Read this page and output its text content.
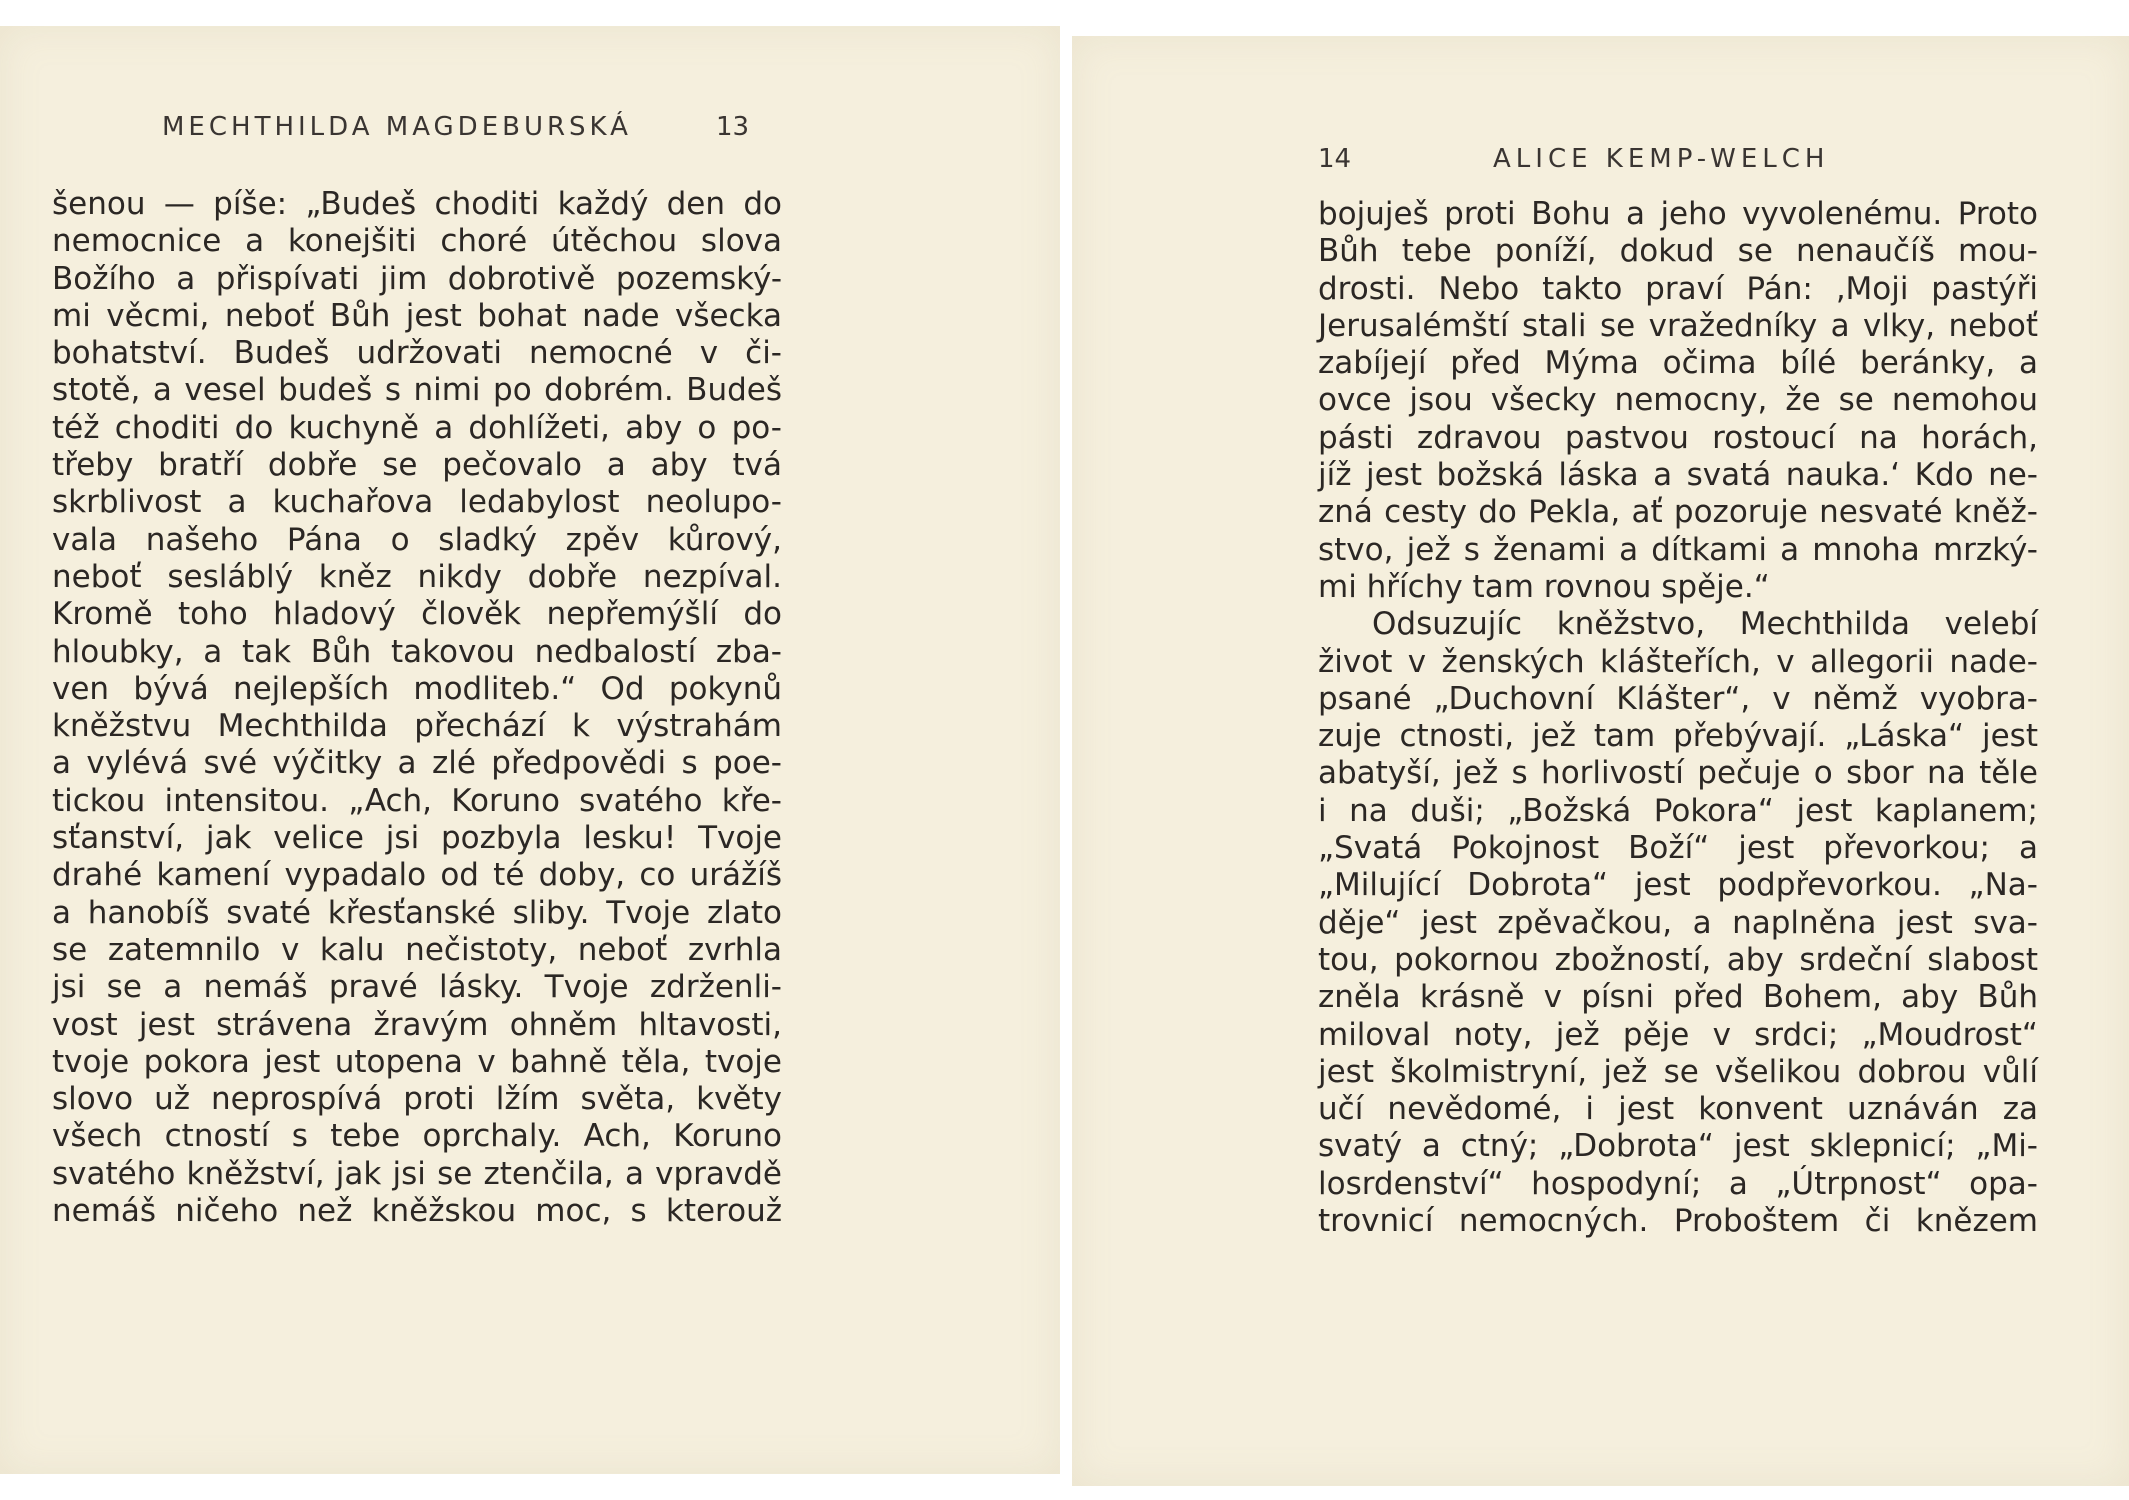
MECHTHILDA MAGDEBURSKÁ	13
14	ALICE KEMP-WELCH
šenou — píše: „Budeš choditi každý den do
nemocnice a konejšiti choré útěchou slova
Božího a přispívati jim dobrotivě pozemský-
mi věcmi, neboť Bůh jest bohat nade všecka
bohatství. Budeš udržovati nemocné v či-
stotě, a vesel budeš s nimi po dobrém. Budeš
též choditi do kuchyně a dohlížeti, aby o po-
třeby bratří dobře se pečovalo a aby tvá
skrblivost a kuchařova ledabylost neolupo-
vala našeho Pána o sladký zpěv kůrový,
neboť sesláblý kněz nikdy dobře nezpíval.
Kromě toho hladový člověk nepřemýšlí do
hloubky, a tak Bůh takovou nedbalostí zba-
ven bývá nejlepších modliteb.“ Od pokynů
kněžstvu Mechthilda přechází k výstrahám
a vylévá své výčitky a zlé předpovědi s poe-
tickou intensitou. „Ach, Koruno svatého kře-
sťanství, jak velice jsi pozbyla lesku! Tvoje
drahé kamení vypadalo od té doby, co urážíš
a hanobíš svaté křesťanské sliby. Tvoje zlato
se zatemnilo v kalu nečistoty, neboť zvrhla
jsi se a nemáš pravé lásky. Tvoje zdrženli-
vost jest strávena žravým ohněm hltavosti,
tvoje pokora jest utopena v bahně těla, tvoje
slovo už neprospívá proti lžím světa, květy
všech ctností s tebe oprchaly. Ach, Koruno
svatého kněžství, jak jsi se ztenčila, a vpravdě
nemáš ničeho než kněžskou moc, s kterouž
bojuješ proti Bohu a jeho vyvolenému. Proto
Bůh tebe poníží, dokud se nenaučíš mou-
drosti. Nebo takto praví Pán: ‚Moji pastýři
Jerusalémští stali se vražedníky a vlky, neboť
zabíjejí před Mýma očima bílé beránky, a
ovce jsou všecky nemocny, že se nemohou
pásti zdravou pastvou rostoucí na horách,
jíž jest božská láska a svatá nauka.‘ Kdo ne-
zná cesty do Pekla, ať pozoruje nesvaté kněž-
stvo, jež s ženami a dítkami a mnoha mrzký-
mi hříchy tam rovnou spěje.“
Odsuzujíc kněžstvo, Mechthilda velebí
život v ženských klášteřích, v allegorii nade-
psané „Duchovní Klášter“, v němž vyobra-
zuje ctnosti, jež tam přebývají. „Láska“ jest
abatyší, jež s horlivostí pečuje o sbor na těle
i na duši; „Božská Pokora“ jest kaplanem;
„Svatá Pokojnost Boží“ jest převorkou; a
„Milující Dobrota“ jest podpřevorkou. „Na-
děje“ jest zpěvačkou, a naplněna jest sva-
tou, pokornou zbožností, aby srdeční slabost
zněla krásně v písni před Bohem, aby Bůh
miloval noty, jež pěje v srdci; „Moudrost“
jest školmistryní, jež se všelikou dobrou vůlí
učí nevědomé, i jest konvent uznáván za
svatý a ctný; „Dobrota“ jest sklepnicí; „Mi-
losrdenství“ hospodyní; a „Útrpnost“ opa-
trovnicí nemocných. Proboštem či knězem
